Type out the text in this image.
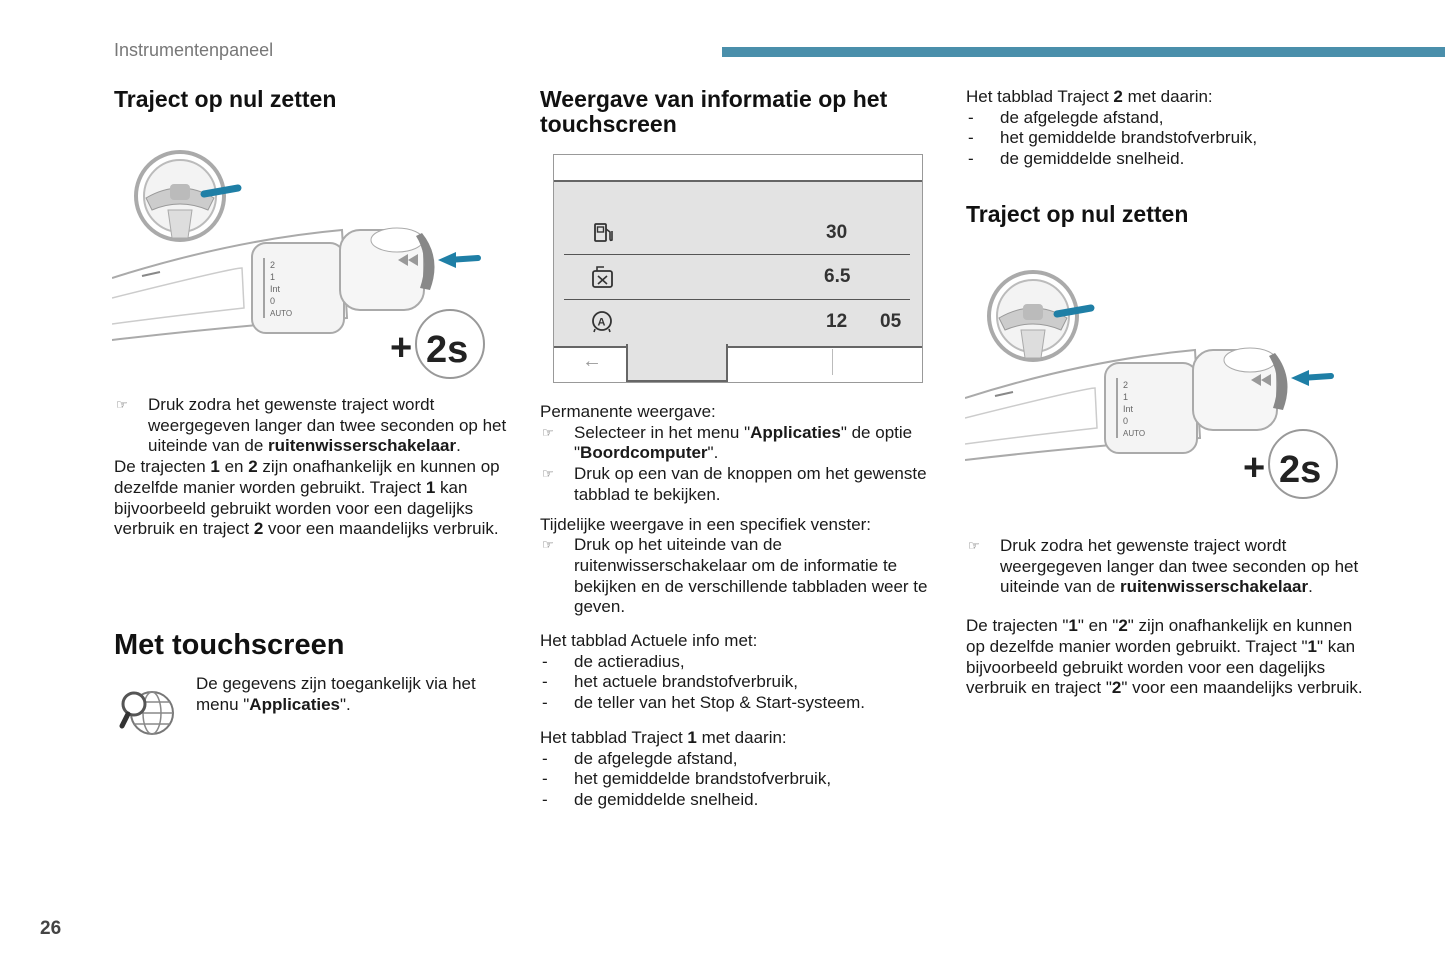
Instrumentenpaneel
Traject op nul zetten
2
1
Int
0
AUTO
+ 2s

☞ Druk zodra het gewenste traject wordt weergegeven langer dan twee seconden op het uiteinde van de ruitenwisserschakelaar.

De trajecten 1 en 2 zijn onafhankelijk en kunnen op dezelfde manier worden gebruikt. Traject 1 kan bijvoorbeeld gebruikt worden voor een dagelijks verbruik en traject 2 voor een maandelijks verbruik.

Met touchscreen

De gegevens zijn toegankelijk via het menu "Applicaties".

Weergave van informatie op het touchscreen
30
6.5
A	12 05
←

Permanente weergave:

☞ Selecteer in het menu "Applicaties" de optie "Boordcomputer".

☞ Druk op een van de knoppen om het gewenste tabblad te bekijken.

Tijdelijke weergave in een specifiek venster:

☞ Druk op het uiteinde van de ruitenwisserschakelaar om de informatie te bekijken en de verschillende tabbladen weer te geven.

Het tabblad Actuele info met:

- de actieradius,

- het actuele brandstofverbruik,

- de teller van het Stop & Start-systeem.

Het tabblad Traject 1 met daarin:

- de afgelegde afstand,

- het gemiddelde brandstofverbruik,

- de gemiddelde snelheid.

Het tabblad Traject 2 met daarin:

- de afgelegde afstand,

- het gemiddelde brandstofverbruik,

- de gemiddelde snelheid.

Traject op nul zetten
2
1
Int
0
AUTO
+ 2s

☞ Druk zodra het gewenste traject wordt weergegeven langer dan twee seconden op het uiteinde van de ruitenwisserschakelaar.

De trajecten "1" en "2" zijn onafhankelijk en kunnen op dezelfde manier worden gebruikt. Traject "1" kan bijvoorbeeld gebruikt worden voor een dagelijks verbruik en traject "2" voor een maandelijks verbruik.

26
